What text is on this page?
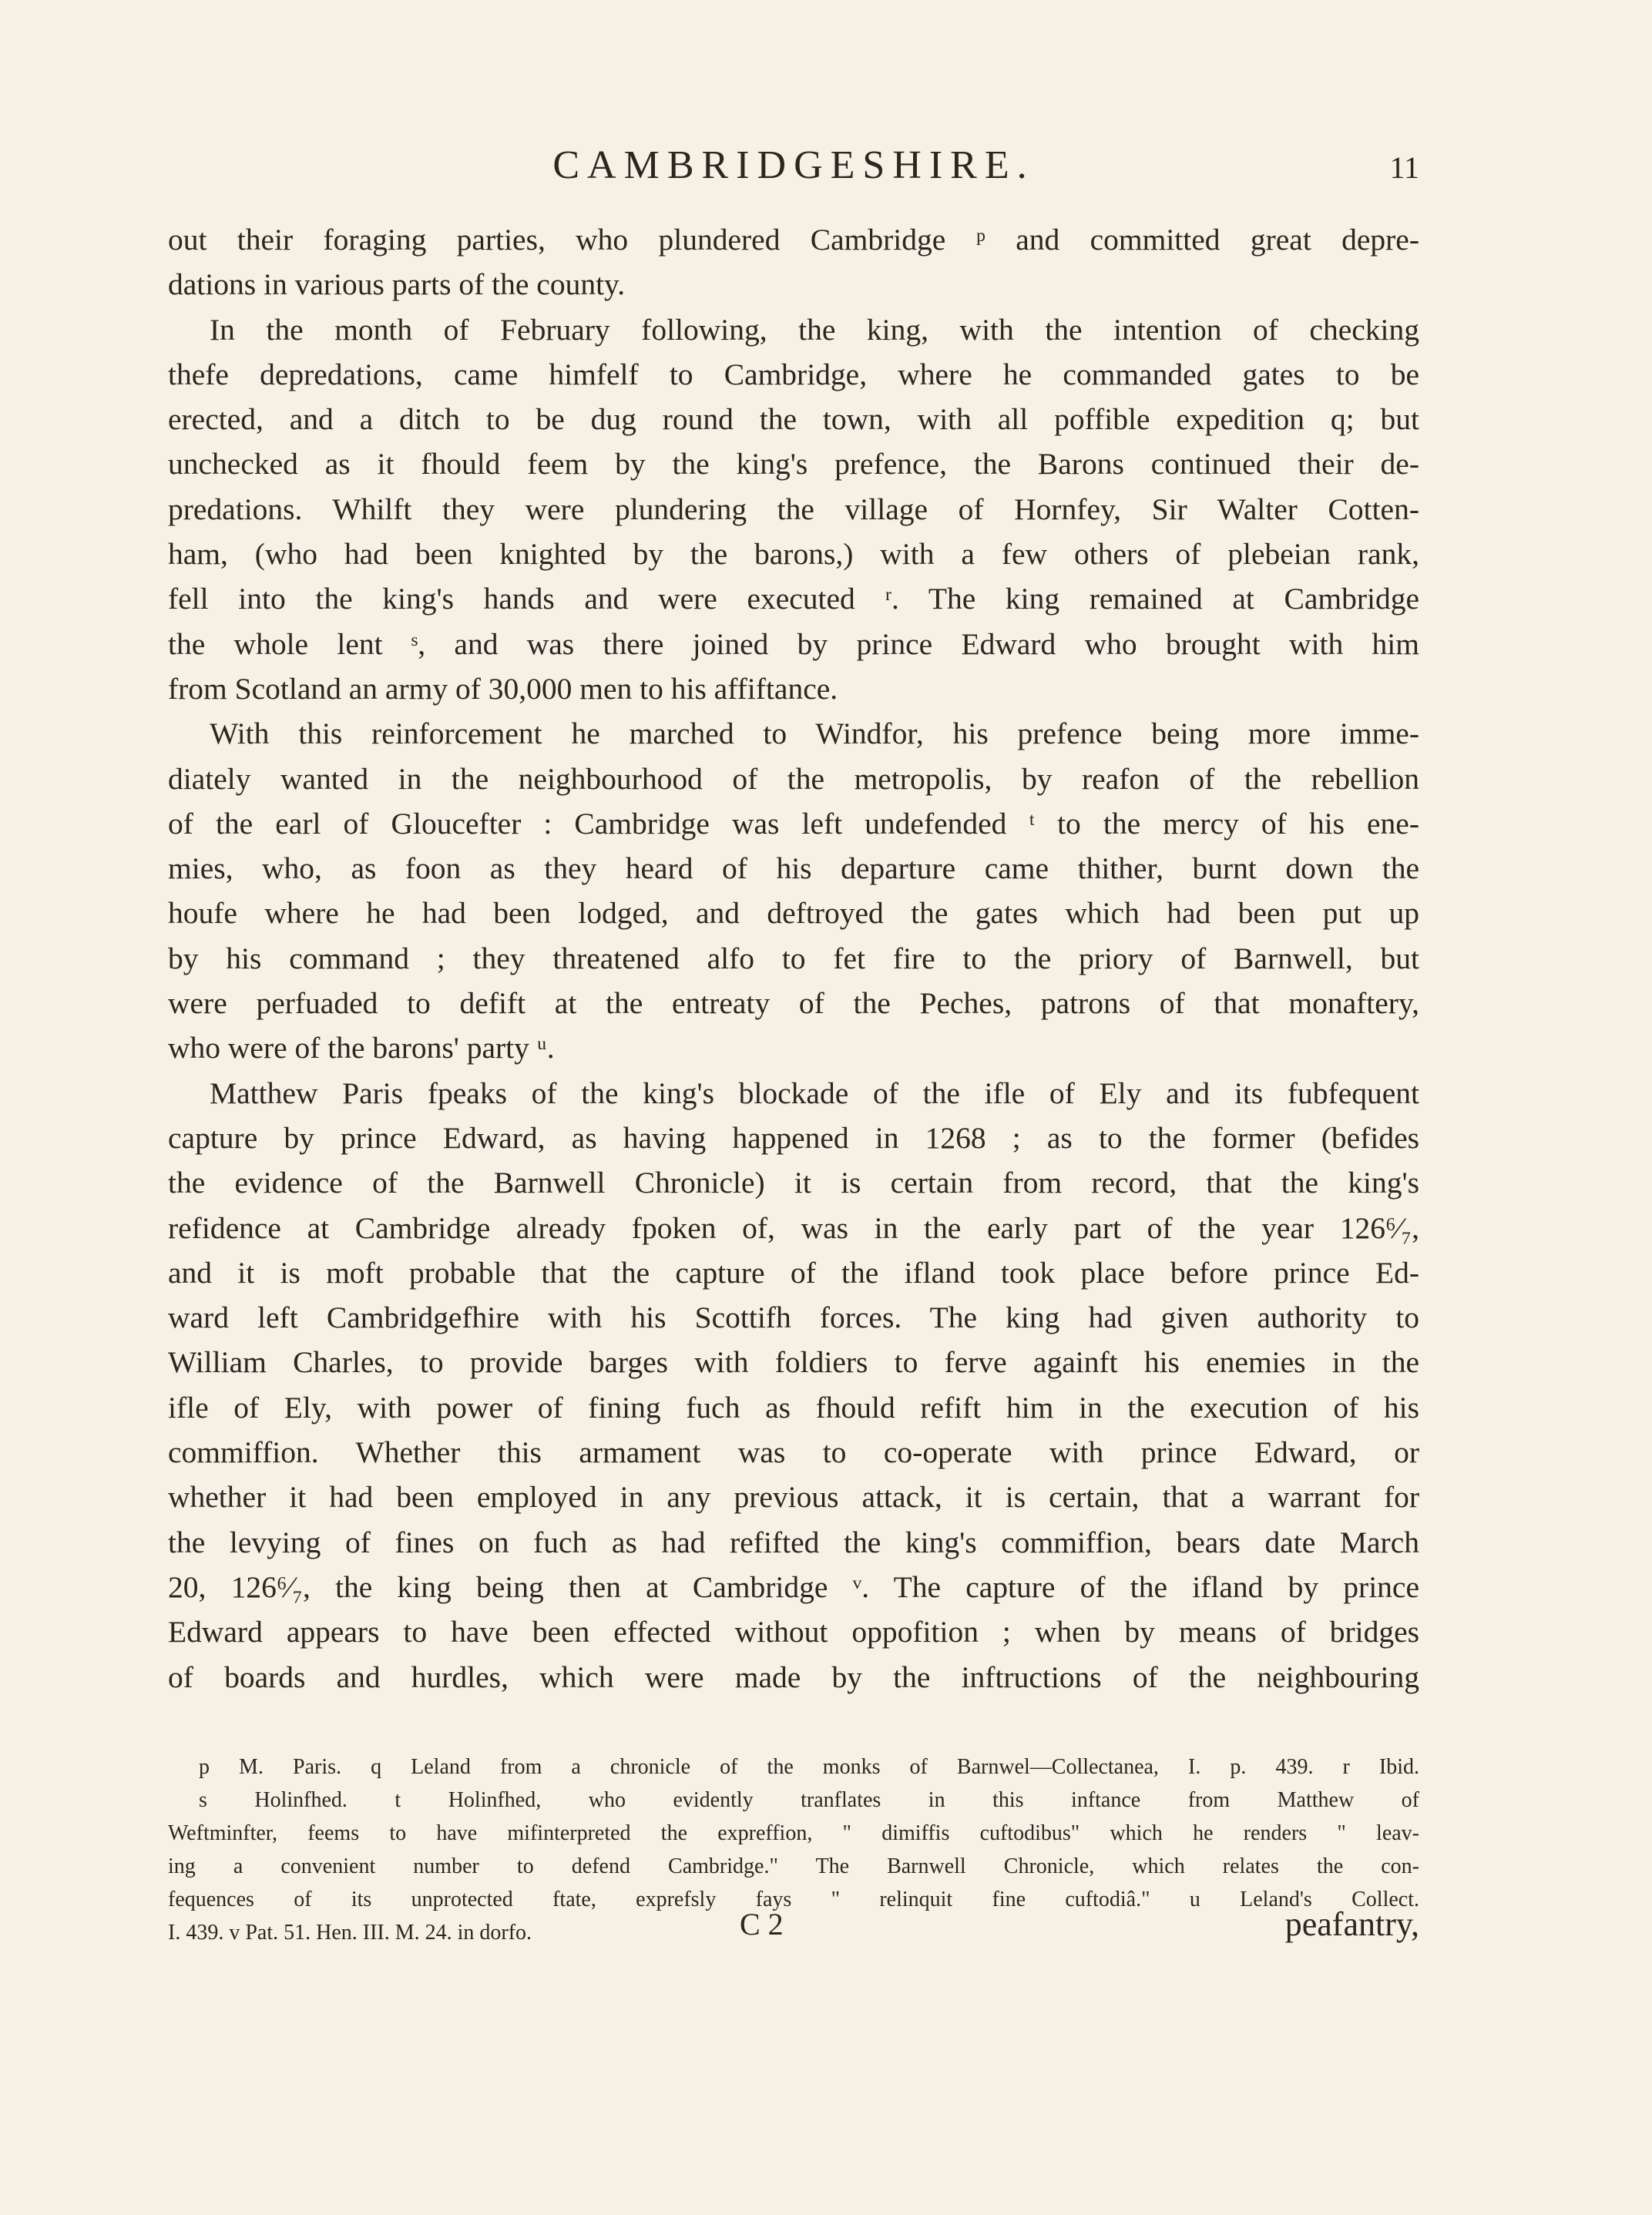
CAMBRIDGESHIRE.	11
out their foraging parties, who plundered Cambridge ᵖ and committed great depre-
dations in various parts of the county.
In the month of February following, the king, with the intention of checking
thefe depredations, came himfelf to Cambridge, where he commanded gates to be
erected, and a ditch to be dug round the town, with all poffible expedition q; but
unchecked as it fhould feem by the king's prefence, the Barons continued their de-
predations. Whilft they were plundering the village of Hornfey, Sir Walter Cotten-
ham, (who had been knighted by the barons,) with a few others of plebeian rank,
fell into the king's hands and were executed ʳ. The king remained at Cambridge
the whole lent ˢ, and was there joined by prince Edward who brought with him
from Scotland an army of 30,000 men to his affiftance.
With this reinforcement he marched to Windfor, his prefence being more imme-
diately wanted in the neighbourhood of the metropolis, by reafon of the rebellion
of the earl of Gloucefter : Cambridge was left undefended ᵗ to the mercy of his ene-
mies, who, as foon as they heard of his departure came thither, burnt down the
houfe where he had been lodged, and deftroyed the gates which had been put up
by his command ; they threatened alfo to fet fire to the priory of Barnwell, but
were perfuaded to defift at the entreaty of the Peches, patrons of that monaftery,
who were of the barons' party ᵘ.
Matthew Paris fpeaks of the king's blockade of the ifle of Ely and its fubfequent
capture by prince Edward, as having happened in 1268 ; as to the former (befides
the evidence of the Barnwell Chronicle) it is certain from record, that the king's
refidence at Cambridge already fpoken of, was in the early part of the year 126⁶⁄₇,
and it is moft probable that the capture of the ifland took place before prince Ed-
ward left Cambridgefhire with his Scottifh forces. The king had given authority to
William Charles, to provide barges with foldiers to ferve againft his enemies in the
ifle of Ely, with power of fining fuch as fhould refift him in the execution of his
commiffion. Whether this armament was to co-operate with prince Edward, or
whether it had been employed in any previous attack, it is certain, that a warrant for
the levying of fines on fuch as had refifted the king's commiffion, bears date March
20, 126⁶⁄₇, the king being then at Cambridge ᵛ. The capture of the ifland by prince
Edward appears to have been effected without oppofition ; when by means of bridges
of boards and hurdles, which were made by the inftructions of the neighbouring
p M. Paris. q Leland from a chronicle of the monks of Barnwel—Collectanea, I. p. 439. r Ibid.
s Holinfhed. t Holinfhed, who evidently tranflates in this inftance from Matthew of
Weftminfter, feems to have mifinterpreted the expreffion, " dimiffis cuftodibus" which he renders " leav-
ing a convenient number to defend Cambridge." The Barnwell Chronicle, which relates the con-
fequences of its unprotected ftate, exprefsly fays " relinquit fine cuftodiâ." u Leland's Collect.
I. 439. v Pat. 51. Hen. III. M. 24. in dorfo.	C 2	peafantry,
